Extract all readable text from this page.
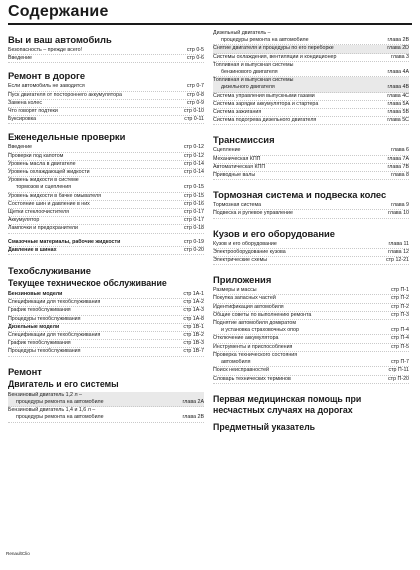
Содержание
Вы и ваш автомобиль
Безопасность – прежде всего!	стр 0-5
Введение	стр 0-6
Ремонт в дороге
Если автомобиль не заводится	стр 0-7
Пуск двигателя от постороннего аккумулятора	стр 0-8
Замена колес	стр 0-9
Что говорят подтеки	стр 0-10
Буксировка	стр 0-11
Еженедельные проверки
Введение	стр 0-12
Проверки под капотом	стр 0-12
Уровень масла в двигателе	стр 0-14
Уровень охлаждающей жидкости	стр 0-14
Уровень жидкости в системе
тормозов и сцепления	стр 0-15
Уровень жидкости в бачке омывателя	стр 0-15
Состояние шин и давление в них	стр 0-16
Щетки стеклоочистителя	стр 0-17
Аккумулятор	стр 0-17
Лампочки и предохранители	стр 0-18
Смазочные материалы, рабочие жидкости	стр 0-19
Давление в шинах	стр 0-20
Техобслуживание
Текущее техническое обслуживание
Бензиновые модели	стр 1А-1
Спецификации для техобслуживания	стр 1А-2
График техобслуживания	стр 1А-3
Процедуры техобслуживания	стр 1А-8
Дизельные модели	стр 1В-1
Спецификации для техобслуживания	стр 1В-2
График техобслуживания	стр 1В-3
Процедуры техобслуживания	стр 1В-7
Ремонт
Двигатель и его системы
Бензиновый двигатель 1,2 л –
процедуры ремонта на автомобиле	глава 2А
Бензиновый двигатель 1,4 и 1,6 л –
процедуры ремонта на автомобиле	глава 2В
Дизельный двигатель –
процедуры ремонта на автомобиле	глава 2В
Снятие двигателя и процедуры по его переборке	глава 2D
Системы охлаждения, вентиляции и кондиционер	глава 3
Топливная и выпускная системы
бензинового двигателя	глава 4А
Топливная и выпускная системы
дизельного двигателя	глава 4В
Система управления выпускными газами	глава 4С
Система зарядки аккумулятора и стартера	глава 5А
Система зажигания	глава 5В
Система подогрева дизельного двигателя	глава 5С
Трансмиссия
Сцепление	глава 6
Механическая КПП	глава 7А
Автоматическая КПП	глава 7В
Приводные валы	глава 8
Тормозная система и подвеска колес
Тормозная система	глава 9
Подвеска и рулевое управление	глава 10
Кузов и его оборудование
Кузов и его оборудование	глава 11
Электрооборудование кузова	глава 12
Электрические схемы	стр 12-21
Приложения
Размеры и массы	стр П-1
Покупка запасных частей	стр П-2
Идентификация автомобиля	стр П-2
Общие советы по выполнению ремонта	стр П-3
Поднятие автомобиля домкратом
и установка страховочных опор	стр П-4
Отключение аккумулятора	стр П-4
Инструменты и приспособления	стр П-5
Проверка технического состояния
автомобиля	стр П-7
Поиск неисправностей	стр П-11
Словарь технических терминов	стр П-20
Первая медицинская помощь при несчастных случаях на дорогах
Предметный указатель
RenaultClio
